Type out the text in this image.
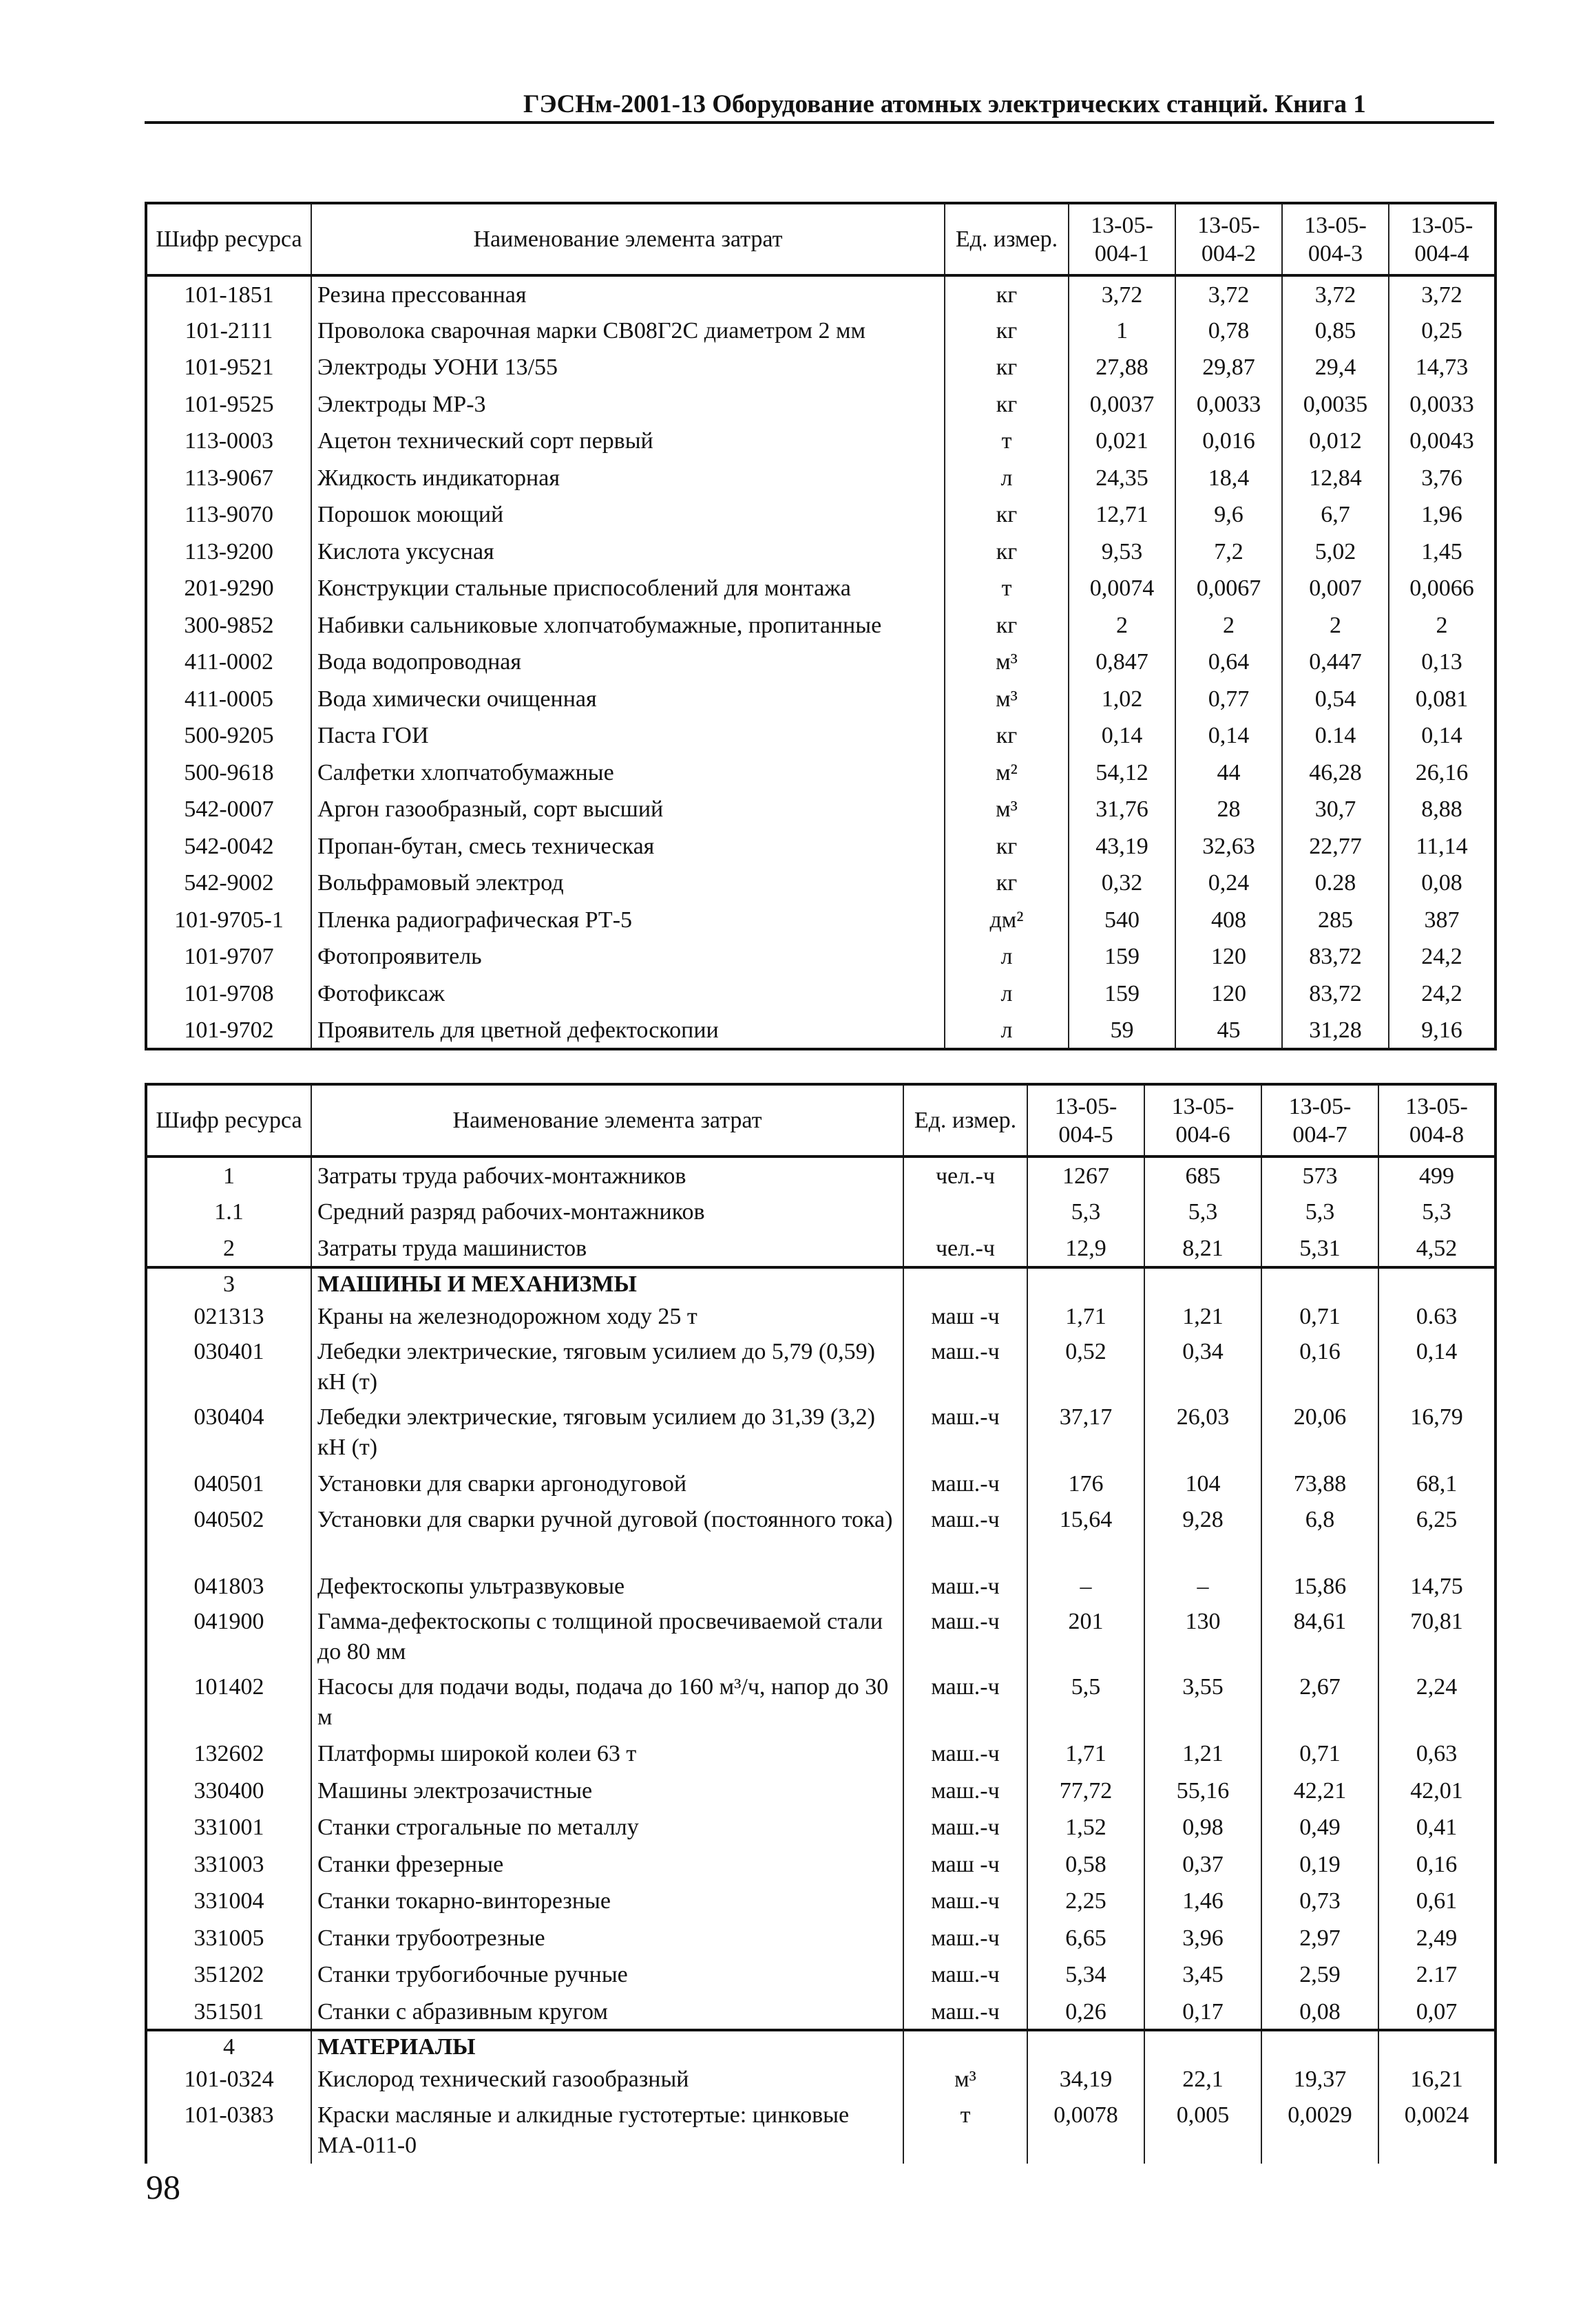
ГЭСНм-2001-13 Оборудование атомных электрических станций. Книга 1
Шифр ресурса	Наименование элемента затрат	Ед. измер.	13-05-004-1	13-05-004-2	13-05-004-3	13-05-004-4
101-1851	Резина прессованная	кг	3,72	3,72	3,72	3,72
101-2111	Проволока сварочная марки СВ08Г2С диаметром 2 мм	кг	1	0,78	0,85	0,25
101-9521	Электроды УОНИ 13/55	кг	27,88	29,87	29,4	14,73
101-9525	Электроды МР-3	кг	0,0037	0,0033	0,0035	0,0033
113-0003	Ацетон технический сорт первый	т	0,021	0,016	0,012	0,0043
113-9067	Жидкость индикаторная	л	24,35	18,4	12,84	3,76
113-9070	Порошок моющий	кг	12,71	9,6	6,7	1,96
113-9200	Кислота уксусная	кг	9,53	7,2	5,02	1,45
201-9290	Конструкции стальные приспособлений для монтажа	т	0,0074	0,0067	0,007	0,0066
300-9852	Набивки сальниковые хлопчатобумажные, пропитанные	кг	2	2	2	2
411-0002	Вода водопроводная	м³	0,847	0,64	0,447	0,13
411-0005	Вода химически очищенная	м³	1,02	0,77	0,54	0,081
500-9205	Паста ГОИ	кг	0,14	0,14	0.14	0,14
500-9618	Салфетки хлопчатобумажные	м²	54,12	44	46,28	26,16
542-0007	Аргон газообразный, сорт высший	м³	31,76	28	30,7	8,88
542-0042	Пропан-бутан, смесь техническая	кг	43,19	32,63	22,77	11,14
542-9002	Вольфрамовый электрод	кг	0,32	0,24	0.28	0,08
101-9705-1	Пленка радиографическая РТ-5	дм²	540	408	285	387
101-9707	Фотопроявитель	л	159	120	83,72	24,2
101-9708	Фотофиксаж	л	159	120	83,72	24,2
101-9702	Проявитель для цветной дефектоскопии	л	59	45	31,28	9,16
Шифр ресурса	Наименование элемента затрат	Ед. измер.	13-05-004-5	13-05-004-6	13-05-004-7	13-05-004-8
1	Затраты труда рабочих-монтажников	чел.-ч	1267	685	573	499
1.1	Средний разряд рабочих-монтажников		5,3	5,3	5,3	5,3
2	Затраты труда машинистов	чел.-ч	12,9	8,21	5,31	4,52
3	МАШИНЫ И МЕХАНИЗМЫ					
021313	Краны на железнодорожном ходу 25 т	маш -ч	1,71	1,21	0,71	0.63
030401	Лебедки электрические, тяговым усилием до 5,79 (0,59) кН (т)	маш.-ч	0,52	0,34	0,16	0,14
030404	Лебедки электрические, тяговым усилием до 31,39 (3,2) кН (т)	маш.-ч	37,17	26,03	20,06	16,79
040501	Установки для сварки аргонодуговой	маш.-ч	176	104	73,88	68,1
040502	Установки для сварки ручной дуговой (постоянного тока)	маш.-ч	15,64	9,28	6,8	6,25
041803	Дефектоскопы ультразвуковые	маш.-ч	–	–	15,86	14,75
041900	Гамма-дефектоскопы с толщиной просвечиваемой стали до 80 мм	маш.-ч	201	130	84,61	70,81
101402	Насосы для подачи воды, подача до 160 м³/ч, напор до 30 м	маш.-ч	5,5	3,55	2,67	2,24
132602	Платформы широкой колеи 63 т	маш.-ч	1,71	1,21	0,71	0,63
330400	Машины электрозачистные	маш.-ч	77,72	55,16	42,21	42,01
331001	Станки строгальные по металлу	маш.-ч	1,52	0,98	0,49	0,41
331003	Станки фрезерные	маш -ч	0,58	0,37	0,19	0,16
331004	Станки токарно-винторезные	маш.-ч	2,25	1,46	0,73	0,61
331005	Станки трубоотрезные	маш.-ч	6,65	3,96	2,97	2,49
351202	Станки трубогибочные ручные	маш.-ч	5,34	3,45	2,59	2.17
351501	Станки с абразивным кругом	маш.-ч	0,26	0,17	0,08	0,07
4	МАТЕРИАЛЫ					
101-0324	Кислород технический газообразный	м³	34,19	22,1	19,37	16,21
101-0383	Краски масляные и алкидные густотертые: цинковые МА-011-0	т	0,0078	0,005	0,0029	0,0024
98
